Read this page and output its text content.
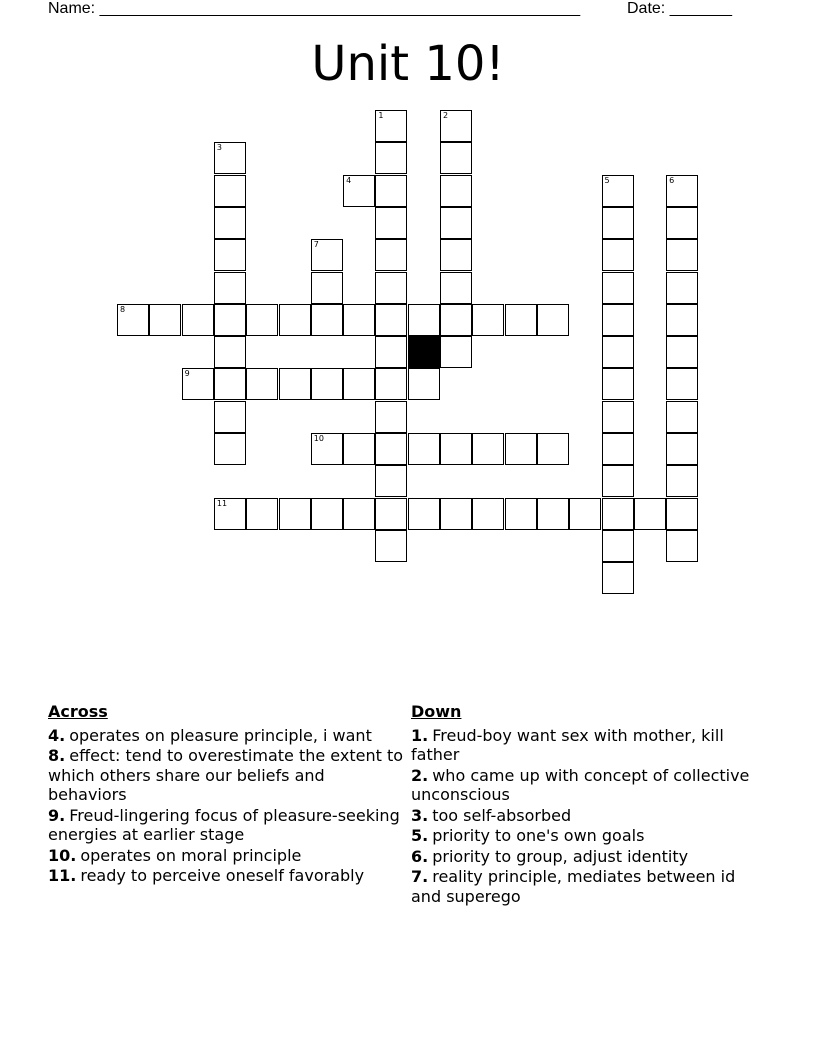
Name: ______________________________________________________	Date: _______
Unit 10!
4
8
9
10
11
1	2
3
5	6
7
Across
4. operates on pleasure principle, i want
8. effect: tend to overestimate the extent to which others share our beliefs and behaviors
9. Freud-lingering focus of pleasure-seeking energies at earlier stage
10. operates on moral principle
11. ready to perceive oneself favorably
Down
1. Freud-boy want sex with mother, kill father
2. who came up with concept of collective unconscious
3. too self-absorbed
5. priority to one's own goals
6. priority to group, adjust identity
7. reality principle, mediates between id and superego
